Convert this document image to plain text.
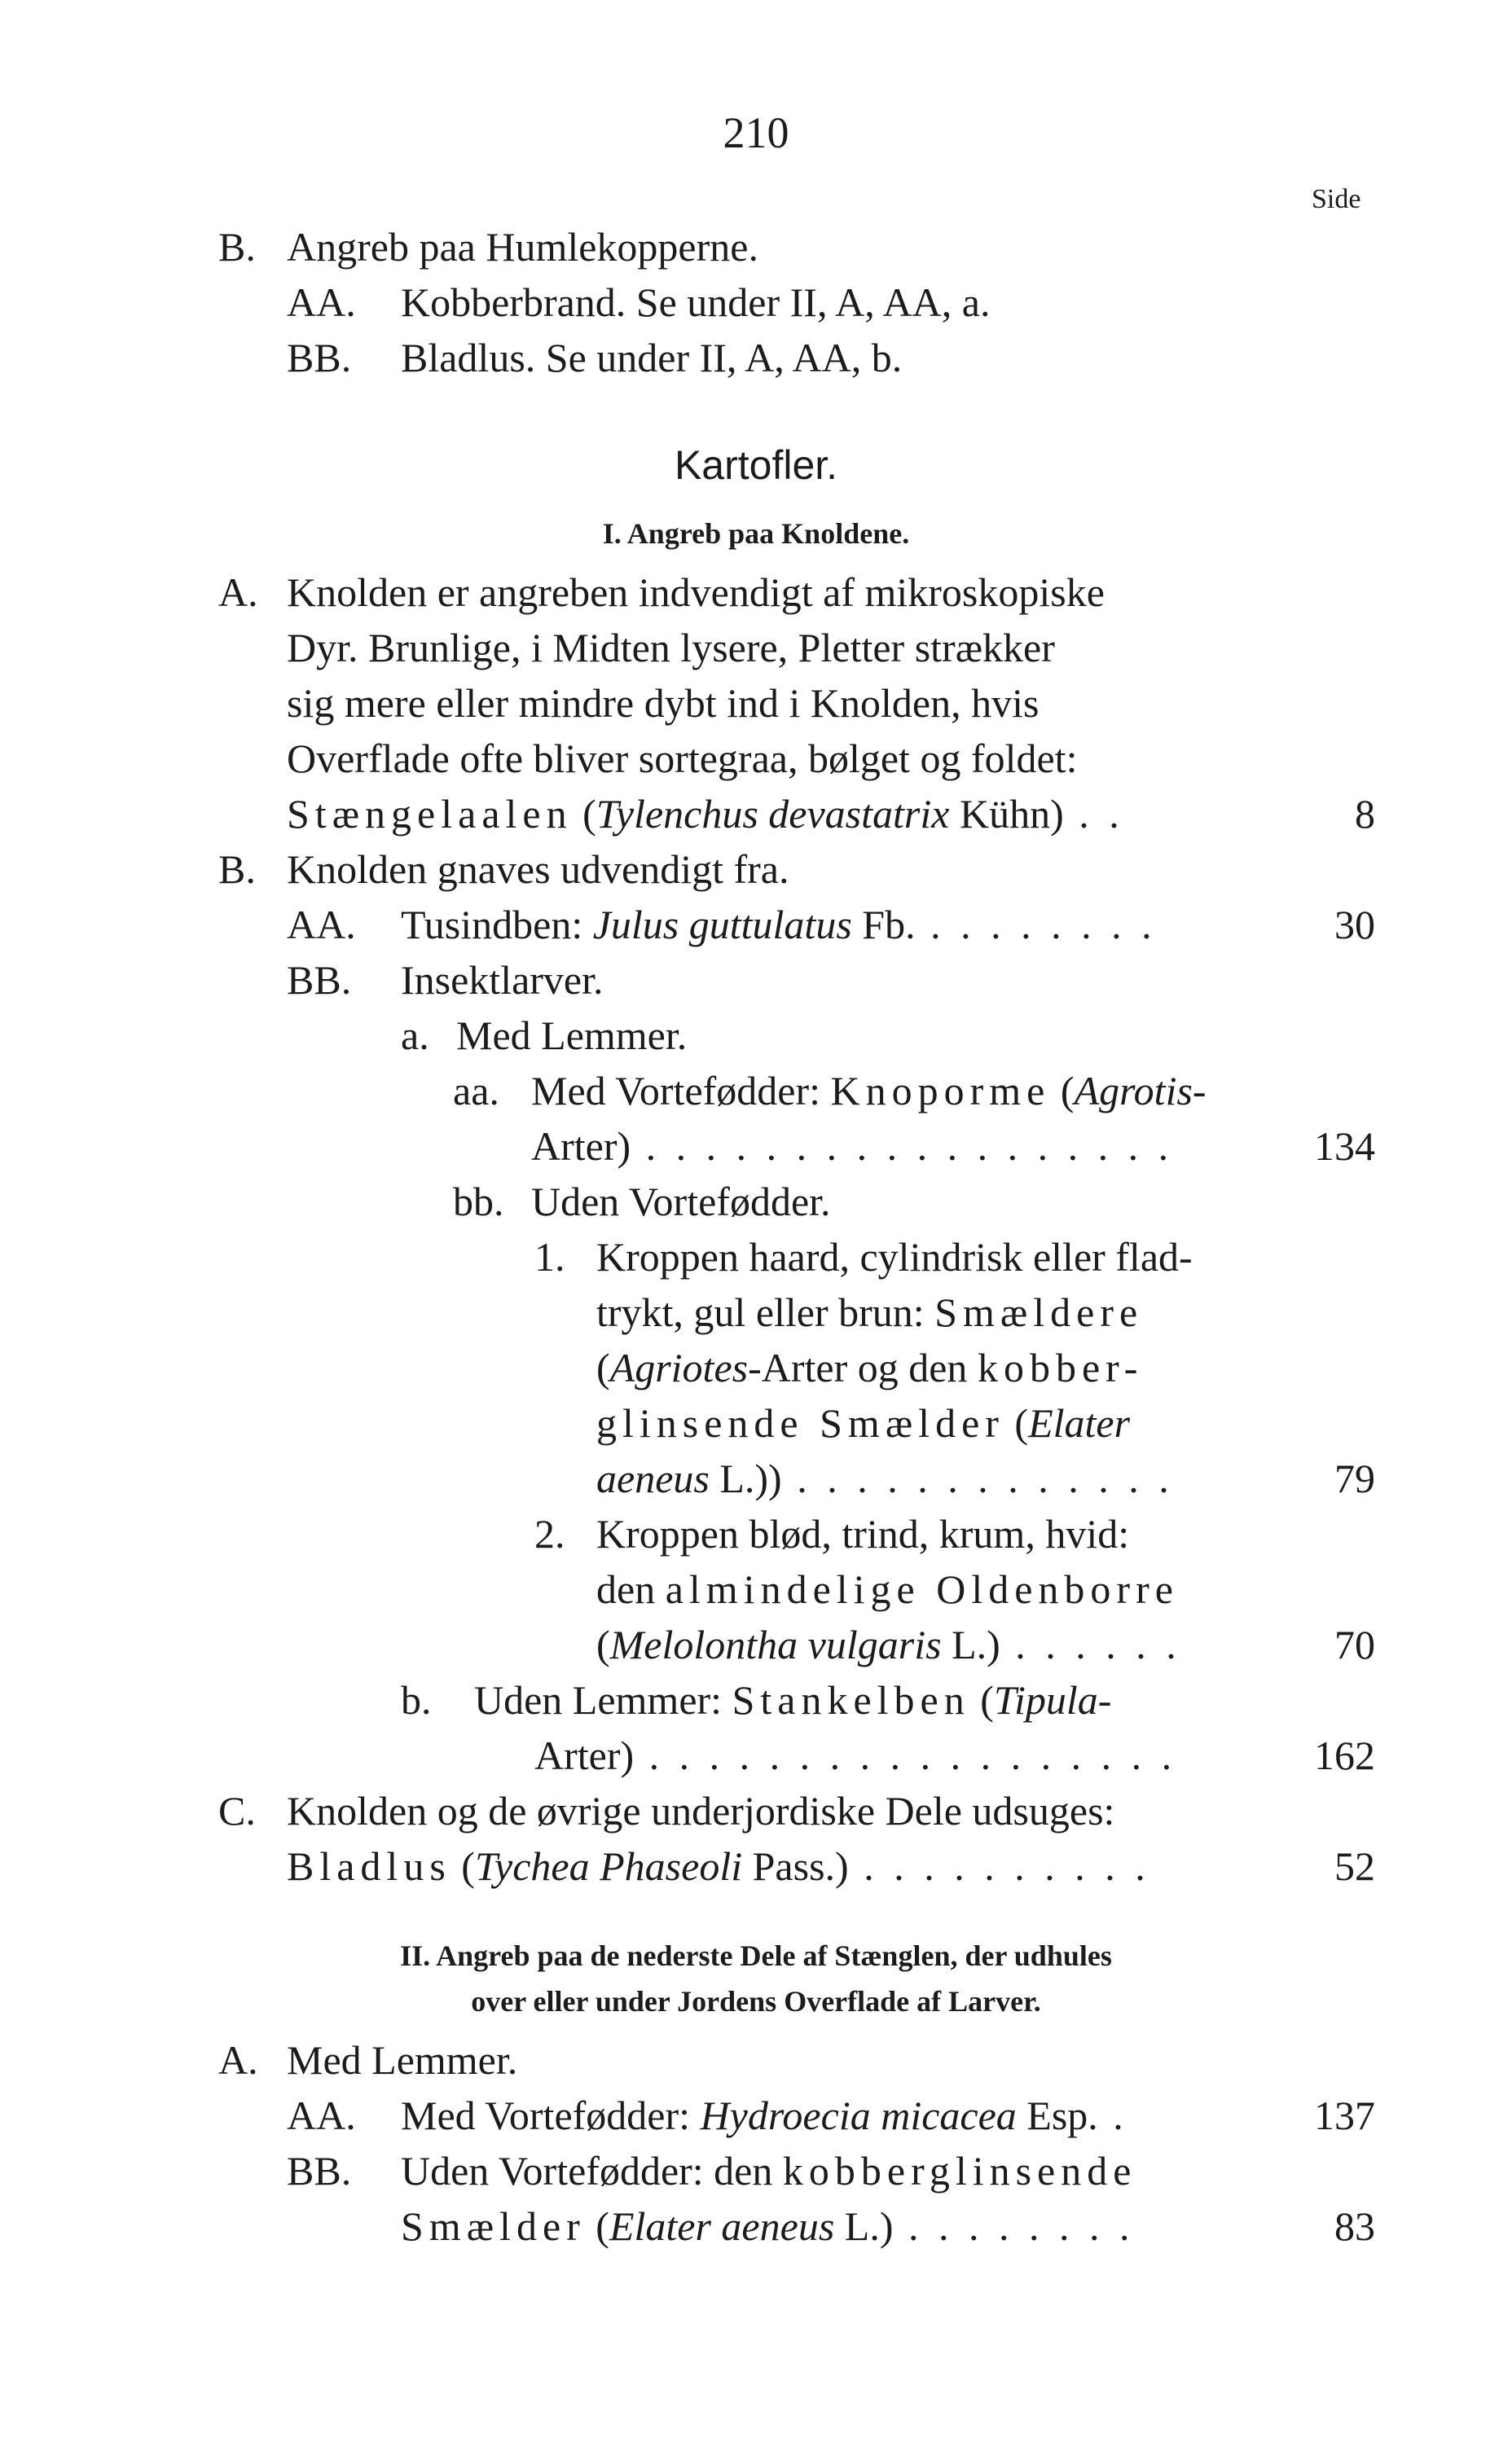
210
Side
B. Angreb paa Humlekopperne.
AA. Kobberbrand. Se under II, A, AA, a.
BB. Bladlus. Se under II, A, AA, b.
Kartofler.
I. Angreb paa Knoldene.
A. Knolden er angreben indvendigt af mikroskopiske
Dyr. Brunlige, i Midten lysere, Pletter strækker
sig mere eller mindre dybt ind i Knolden, hvis
Overflade ofte bliver sortegraa, bølget og foldet:
Stængelaalen (Tylenchus devastatrix Kühn) . .	8
B. Knolden gnaves udvendigt fra.
AA. Tusindben: Julus guttulatus Fb. . . . . . . . .	30
BB. Insektlarver.
a. Med Lemmer.
aa. Med Vortefødder: Knoporme (Agrotis-
Arter) . . . . . . . . . . . . . . . . . .	134
bb. Uden Vortefødder.
1. Kroppen haard, cylindrisk eller flad-
trykt, gul eller brun: Smældere
(Agriotes-Arter og den kobber-
glinsende Smælder (Elater
aeneus L.)) . . . . . . . . . . . . .	79
2. Kroppen blød, trind, krum, hvid:
den almindelige Oldenborre
(Melolontha vulgaris L.) . . . . . .	70
b. Uden Lemmer: Stankelben (Tipula-
Arter) . . . . . . . . . . . . . . . . . .	162
C. Knolden og de øvrige underjordiske Dele udsuges:
Bladlus (Tychea Phaseoli Pass.) . . . . . . . . . .	52
II. Angreb paa de nederste Dele af Stænglen, der udhules
over eller under Jordens Overflade af Larver.
A. Med Lemmer.
AA. Med Vortefødder: Hydroecia micacea Esp. .	137
BB. Uden Vortefødder: den kobberglinsende
Smælder (Elater aeneus L.) . . . . . . . .	83
